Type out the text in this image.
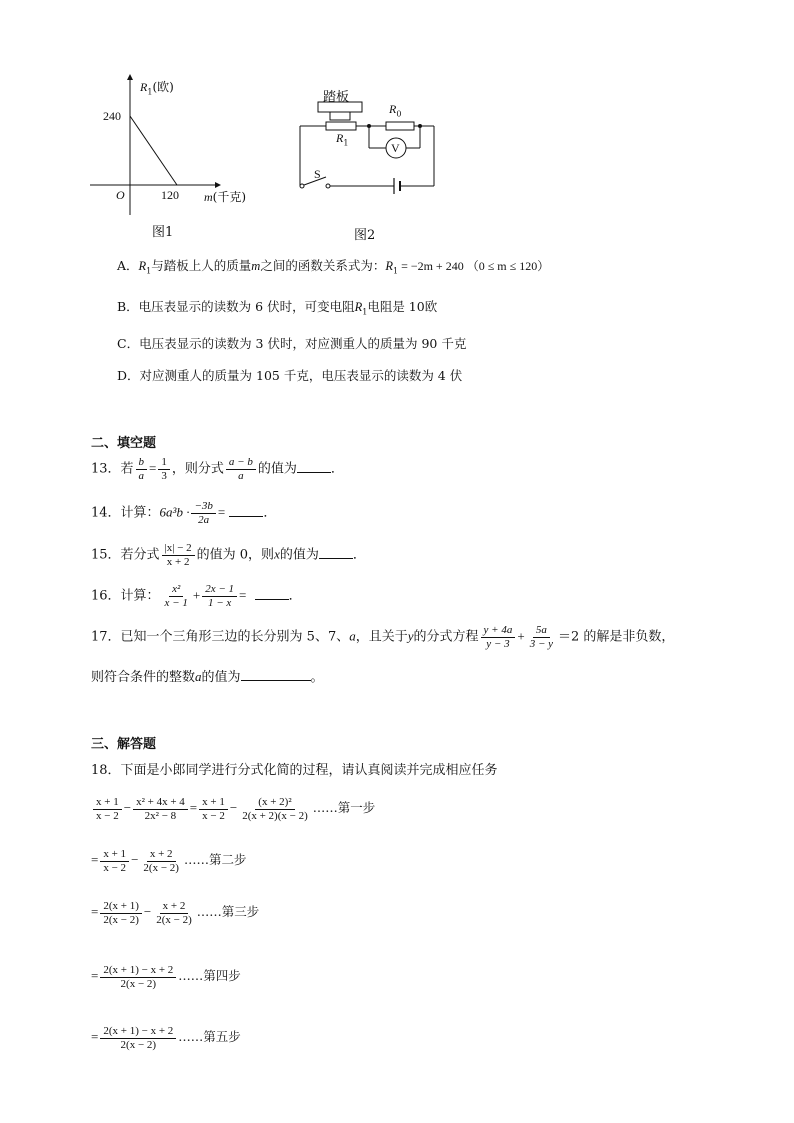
$R_1$(欧)
240
O	120 m(千克)
图1
踏板
$R_0$
$R_1$	V
S
图2
A．$R_1$与踏板上人的质量m之间的函数关系式为：$R_1 = -2m + 240$ （0 ≤ m ≤ 120）
B．电压表显示的读数为 6 伏时，可变电阻$R_1$电阻是 10欧
C．电压表显示的读数为 3 伏时，对应测重人的质量为 90 千克
D．对应测重人的质量为 105 千克，电压表显示的读数为 4 伏
二、填空题
13．若 $\frac{b}{a} = \frac{1}{3}$ ，则分式 $\frac{a - b}{a}$ 的值为	．
14．计算：$6a^3b \cdot \frac{-3b}{2a}$ =	．
15．若分式 $\frac{|x| - 2}{x + 2}$ 的值为 0，则x的值为	．
16．计算： $\frac{\text{x²}}{x - 1} + \frac{2x - 1}{1 - x}$ =	．
17．已知一个三角形三边的长分别为 5、7、a，且关于y的分式方程 $\frac{y + 4a}{y - 3} + \frac{5a}{3 - y} =2$ 的解是非负数，
则符合条件的整数a的值为	。
三、解答题
18．下面是小郎同学进行分式化简的过程，请认真阅读并完成相应任务
$\frac{x + 1}{x - 2} - \frac{\text{x² + 4x + 4}}{\text{2x² − 8}} = \frac{x + 1}{x - 2} - \frac{\text{(x + 2)²}}{2(x + 2)(x - 2)}$ ……第一步
= $\frac{x + 1}{x - 2} - \frac{x + 2}{2(x - 2)}$ ……第二步
= $\frac{2(x + 1)}{2(x - 2)} - \frac{x + 2}{2(x - 2)}$ ……第三步
= $\frac{2(x + 1) - x + 2}{2(x - 2)}$ ……第四步
= $\frac{2(x + 1) - x + 2}{2(x - 2)}$ ……第五步
